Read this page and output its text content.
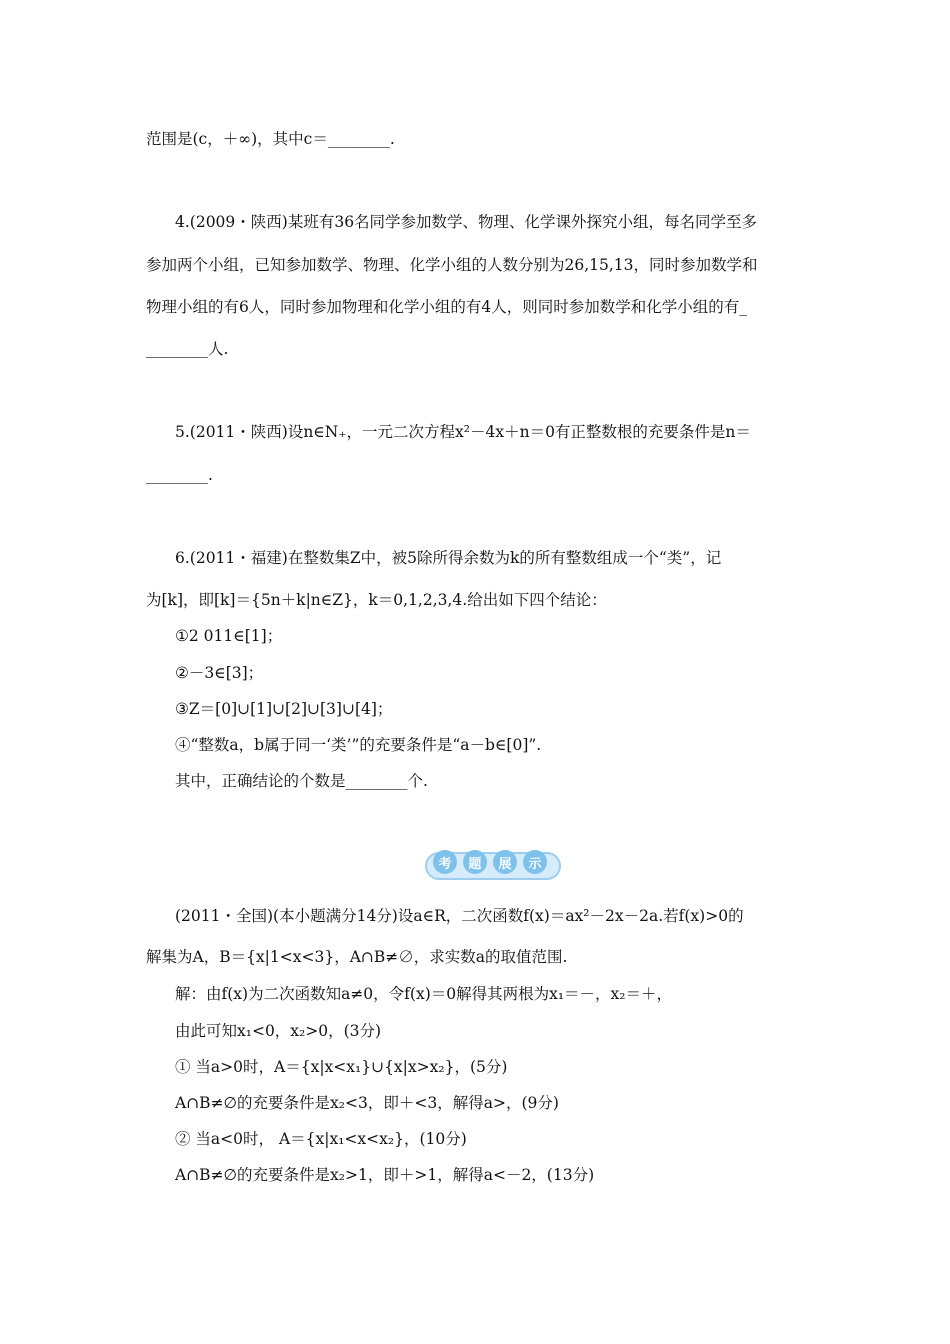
范围是(c，＋∞)，其中c＝________.
4.(2009・陕西)某班有36名同学参加数学、物理、化学课外探究小组，每名同学至多
参加两个小组，已知参加数学、物理、化学小组的人数分别为26,15,13，同时参加数学和
物理小组的有6人，同时参加物理和化学小组的有4人，则同时参加数学和化学小组的有_
________人.
5.(2011・陕西)设n∈N₊，一元二次方程x²－4x＋n＝0有正整数根的充要条件是n＝
________.
6.(2011・福建)在整数集Z中，被5除所得余数为k的所有整数组成一个“类”，记
为[k]，即[k]＝{5n＋k|n∈Z}，k＝0,1,2,3,4.给出如下四个结论：
①2 011∈[1]；
②－3∈[3]；
③Z＝[0]∪[1]∪[2]∪[3]∪[4]；
④“整数a，b属于同一‘类’”的充要条件是“a－b∈[0]”.
其中，正确结论的个数是________个.
考	题	展	示
(2011・全国)(本小题满分14分)设a∈R，二次函数f(x)＝ax²－2x－2a.若f(x)>0的
解集为A，B＝{x|1<x<3}，A∩B≠∅，求实数a的取值范围.
解：由f(x)为二次函数知a≠0，令f(x)＝0解得其两根为x₁＝－，x₂＝＋，
由此可知x₁<0，x₂>0，(3分)
① 当a>0时，A＝{x|x<x₁}∪{x|x>x₂}，(5分)
A∩B≠∅的充要条件是x₂<3，即＋<3，解得a>，(9分)
② 当a<0时， A＝{x|x₁<x<x₂}，(10分)
A∩B≠∅的充要条件是x₂>1，即＋>1，解得a<－2，(13分)
